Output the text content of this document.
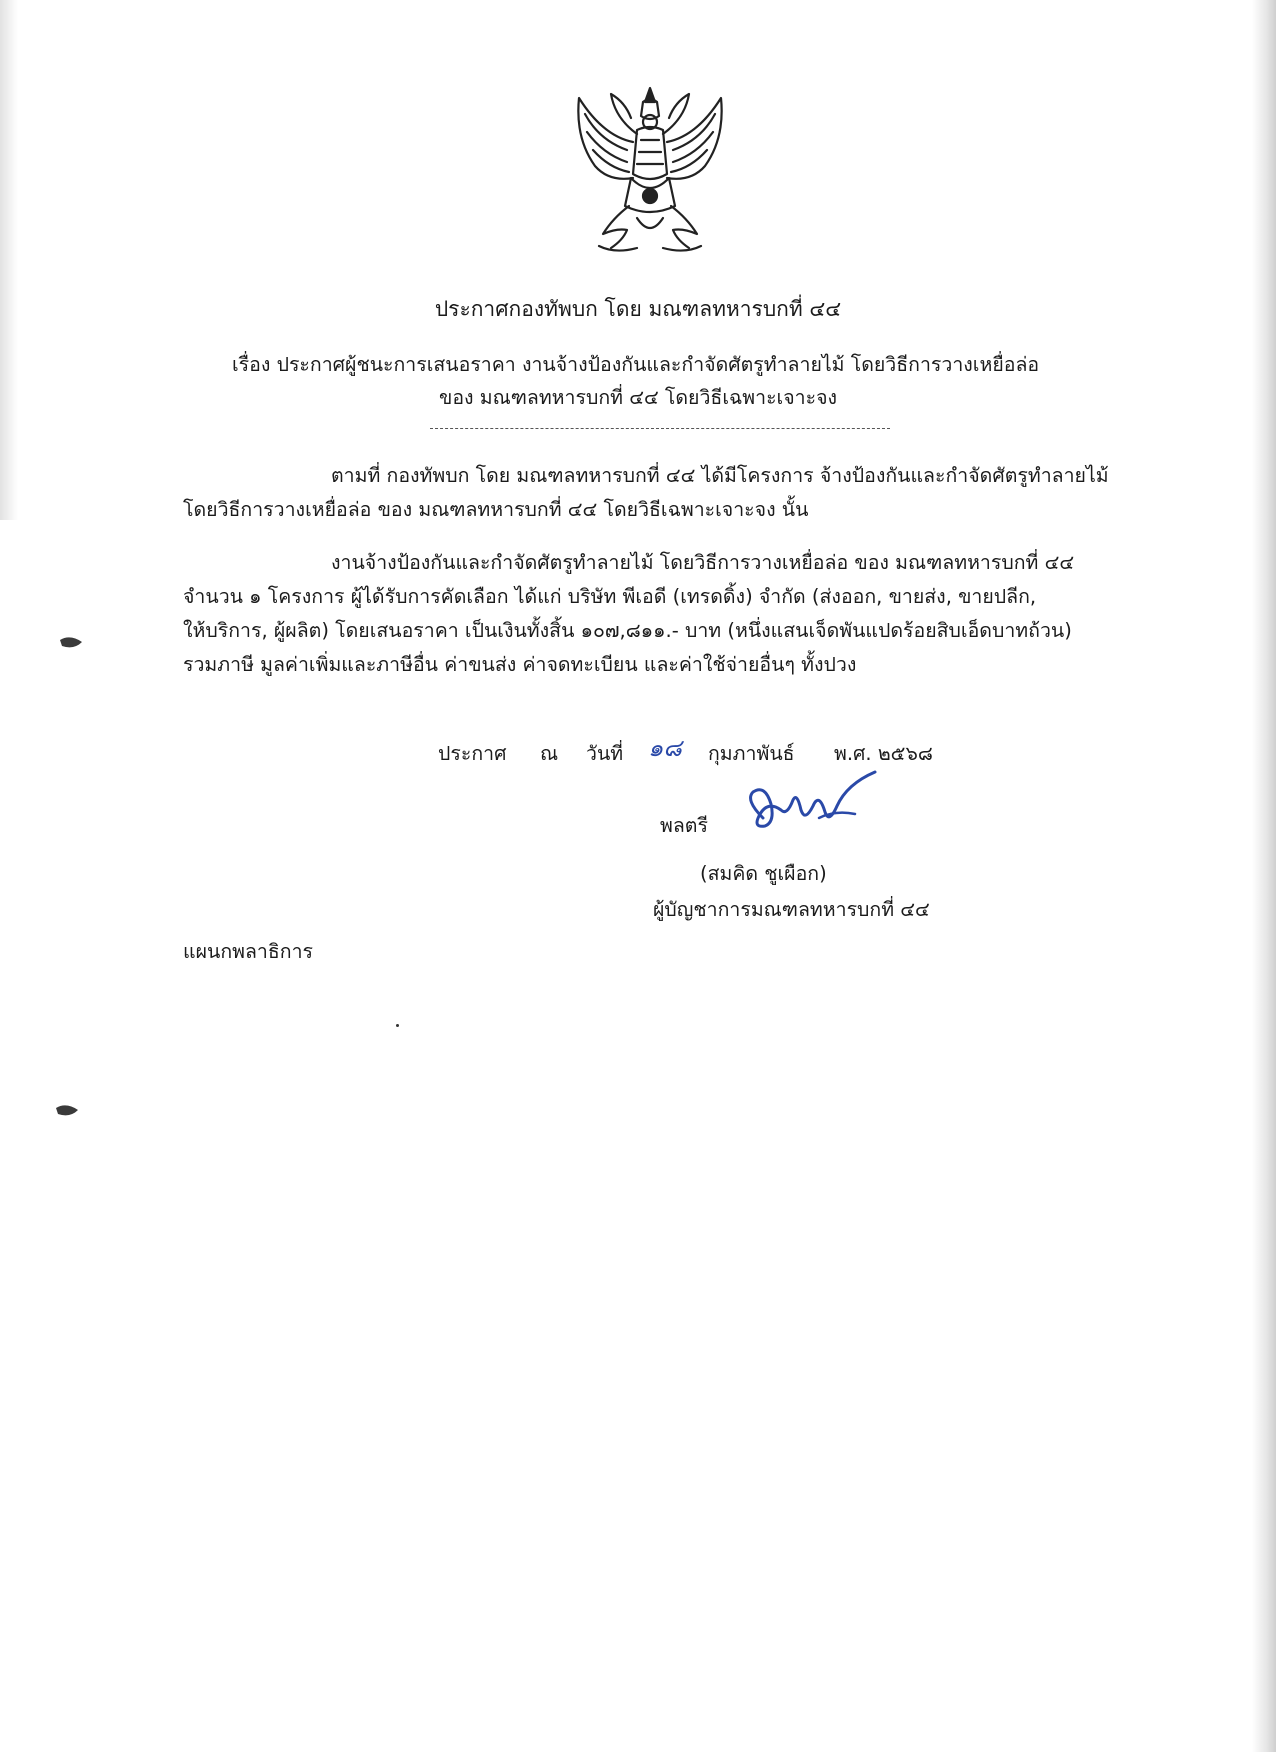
ประกาศกองทัพบก โดย มณฑลทหารบกที่ ๔๔
เรื่อง ประกาศผู้ชนะการเสนอราคา งานจ้างป้องกันและกำจัดศัตรูทำลายไม้ โดยวิธีการวางเหยื่อล่อ
ของ มณฑลทหารบกที่ ๔๔ โดยวิธีเฉพาะเจาะจง
ตามที่ กองทัพบก โดย มณฑลทหารบกที่ ๔๔ ได้มีโครงการ จ้างป้องกันและกำจัดศัตรูทำลายไม้
โดยวิธีการวางเหยื่อล่อ ของ มณฑลทหารบกที่ ๔๔ โดยวิธีเฉพาะเจาะจง นั้น
งานจ้างป้องกันและกำจัดศัตรูทำลายไม้ โดยวิธีการวางเหยื่อล่อ ของ มณฑลทหารบกที่ ๔๔
จำนวน ๑ โครงการ ผู้ได้รับการคัดเลือก ได้แก่ บริษัท พีเอดี (เทรดดิ้ง) จำกัด (ส่งออก, ขายส่ง, ขายปลีก,
ให้บริการ, ผู้ผลิต) โดยเสนอราคา เป็นเงินทั้งสิ้น ๑๐๗,๘๑๑.- บาท (หนึ่งแสนเจ็ดพันแปดร้อยสิบเอ็ดบาทถ้วน)
รวมภาษี มูลค่าเพิ่มและภาษีอื่น ค่าขนส่ง ค่าจดทะเบียน และค่าใช้จ่ายอื่นๆ ทั้งปวง
ประกาศ ณ วันที่ ๑๘ กุมภาพันธ์ พ.ศ. ๒๕๖๘
พลตรี
(สมคิด ชูเผือก)
ผู้บัญชาการมณฑลทหารบกที่ ๔๔
แผนกพลาธิการ
